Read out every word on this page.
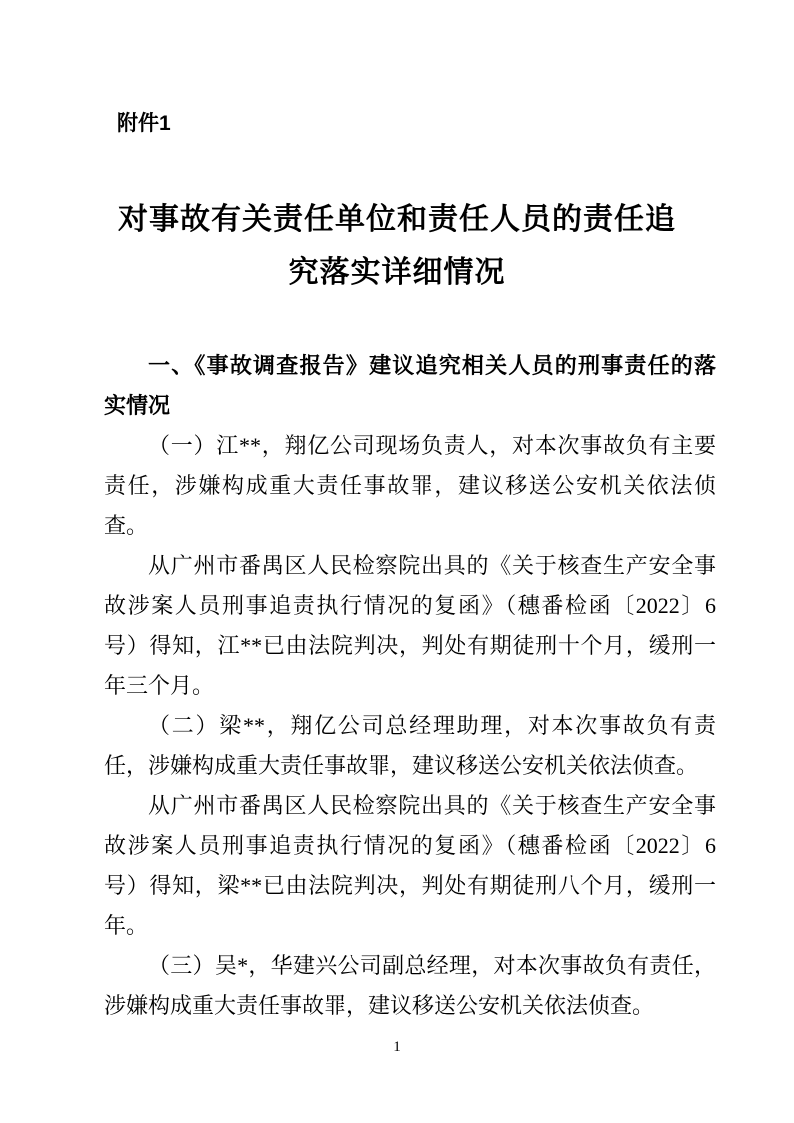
附件1
对事故有关责任单位和责任人员的责任追
究落实详细情况
一、《事故调查报告》建议追究相关人员的刑事责任的落
实情况
（一）江**，翔亿公司现场负责人，对本次事故负有主要
责任，涉嫌构成重大责任事故罪，建议移送公安机关依法侦
查。
从广州市番禺区人民检察院出具的《关于核查生产安全事
故涉案人员刑事追责执行情况的复函》（穗番检函〔2022〕6
号）得知，江**已由法院判决，判处有期徒刑十个月，缓刑一
年三个月。
（二）梁**，翔亿公司总经理助理，对本次事故负有责
任，涉嫌构成重大责任事故罪，建议移送公安机关依法侦查。
从广州市番禺区人民检察院出具的《关于核查生产安全事
故涉案人员刑事追责执行情况的复函》（穗番检函〔2022〕6
号）得知，梁**已由法院判决，判处有期徒刑八个月，缓刑一
年。
（三）吴*，华建兴公司副总经理，对本次事故负有责任，
涉嫌构成重大责任事故罪，建议移送公安机关依法侦查。
1
